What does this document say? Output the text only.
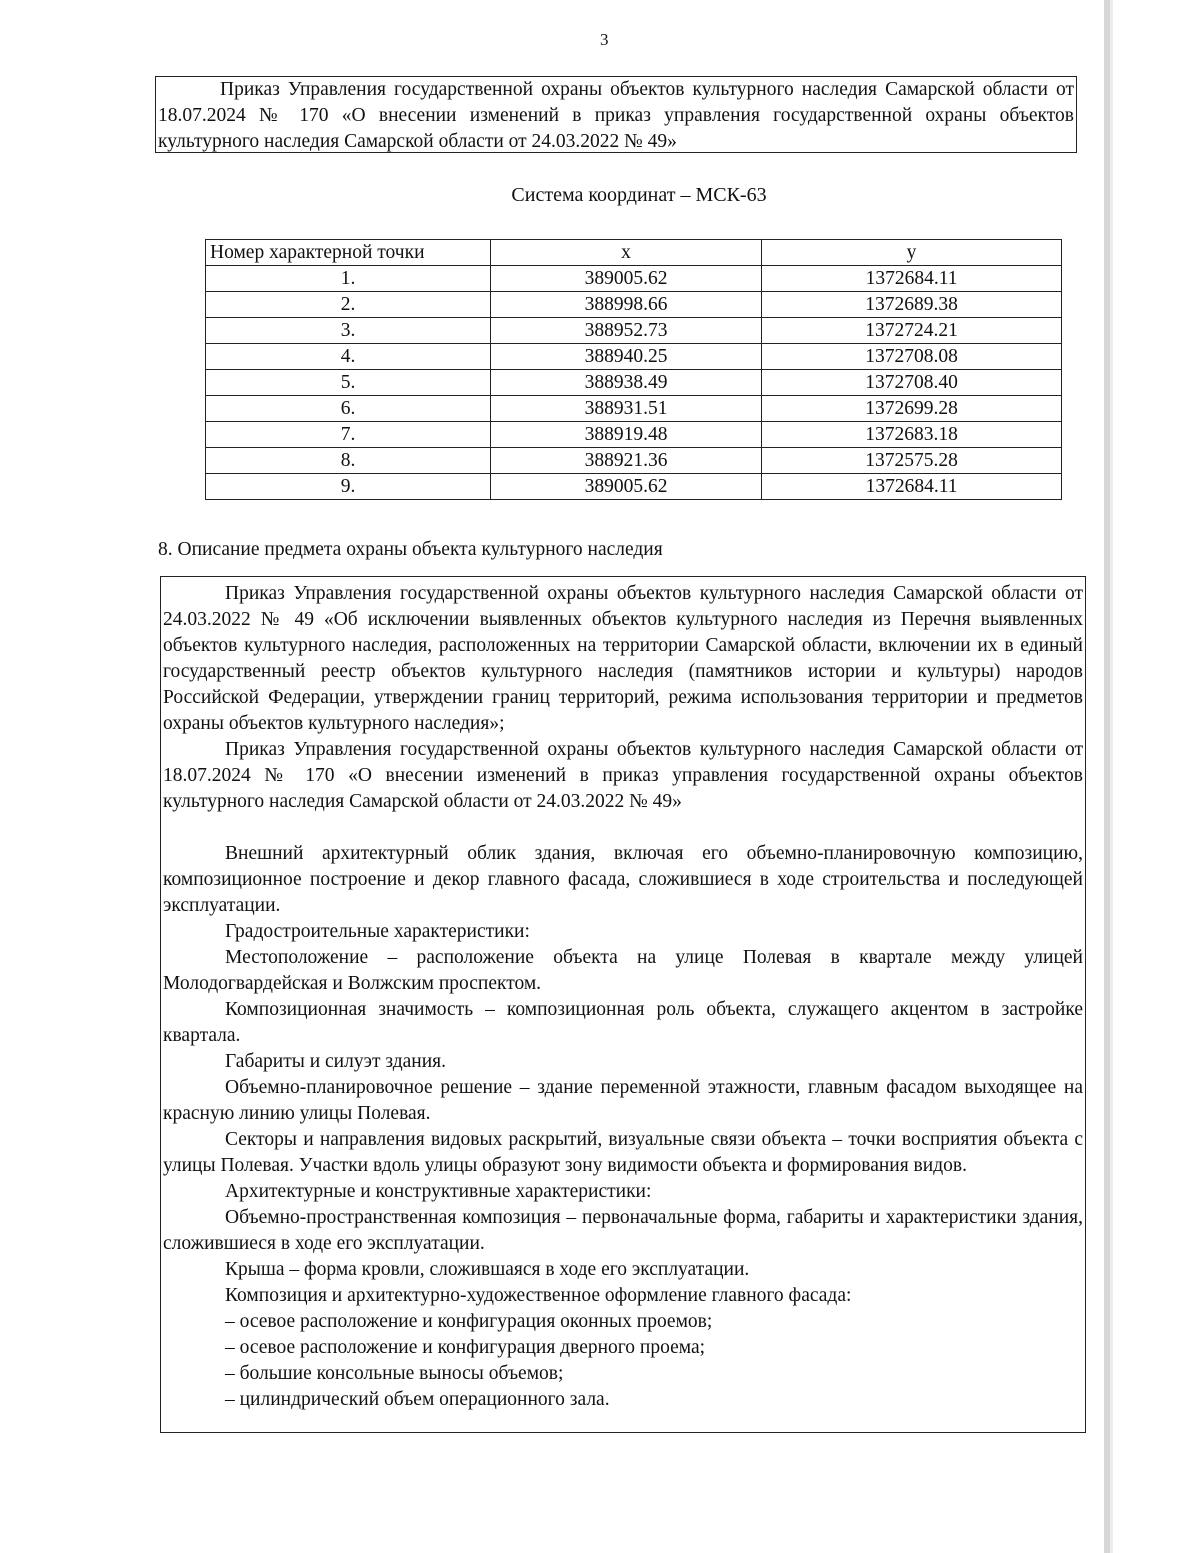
3

Приказ Управления государственной охраны объектов культурного наследия Самарской области от 18.07.2024 № 170 «О внесении изменений в приказ управления государственной охраны объектов культурного наследия Самарской области от 24.03.2022 № 49»

Система координат – МСК-63
Номер характерной точки	x	y
1.	389005.62	1372684.11
2.	388998.66	1372689.38
3.	388952.73	1372724.21
4.	388940.25	1372708.08
5.	388938.49	1372708.40
6.	388931.51	1372699.28
7.	388919.48	1372683.18
8.	388921.36	1372575.28
9.	389005.62	1372684.11
8. Описание предмета охраны объекта культурного наследия

Приказ Управления государственной охраны объектов культурного наследия Самарской области от 24.03.2022 № 49 «Об исключении выявленных объектов культурного наследия из Перечня выявленных объектов культурного наследия, расположенных на территории Самарской области, включении их в единый государственный реестр объектов культурного наследия (памятников истории и культуры) народов Российской Федерации, утверждении границ территорий, режима использования территории и предметов охраны объектов культурного наследия»;

Приказ Управления государственной охраны объектов культурного наследия Самарской области от 18.07.2024 № 170 «О внесении изменений в приказ управления государственной охраны объектов культурного наследия Самарской области от 24.03.2022 № 49»

Внешний архитектурный облик здания, включая его объемно-планировочную композицию, композиционное построение и декор главного фасада, сложившиеся в ходе строительства и последующей эксплуатации.

Градостроительные характеристики:

Местоположение – расположение объекта на улице Полевая в квартале между улицей Молодогвардейская и Волжским проспектом.

Композиционная значимость – композиционная роль объекта, служащего акцентом в застройке квартала.

Габариты и силуэт здания.

Объемно-планировочное решение – здание переменной этажности, главным фасадом выходящее на красную линию улицы Полевая.

Секторы и направления видовых раскрытий, визуальные связи объекта – точки восприятия объекта с улицы Полевая. Участки вдоль улицы образуют зону видимости объекта и формирования видов.

Архитектурные и конструктивные характеристики:

Объемно-пространственная композиция – первоначальные форма, габариты и характеристики здания, сложившиеся в ходе его эксплуатации.

Крыша – форма кровли, сложившаяся в ходе его эксплуатации.

Композиция и архитектурно-художественное оформление главного фасада:

– осевое расположение и конфигурация оконных проемов;

– осевое расположение и конфигурация дверного проема;

– большие консольные выносы объемов;

– цилиндрический объем операционного зала.
